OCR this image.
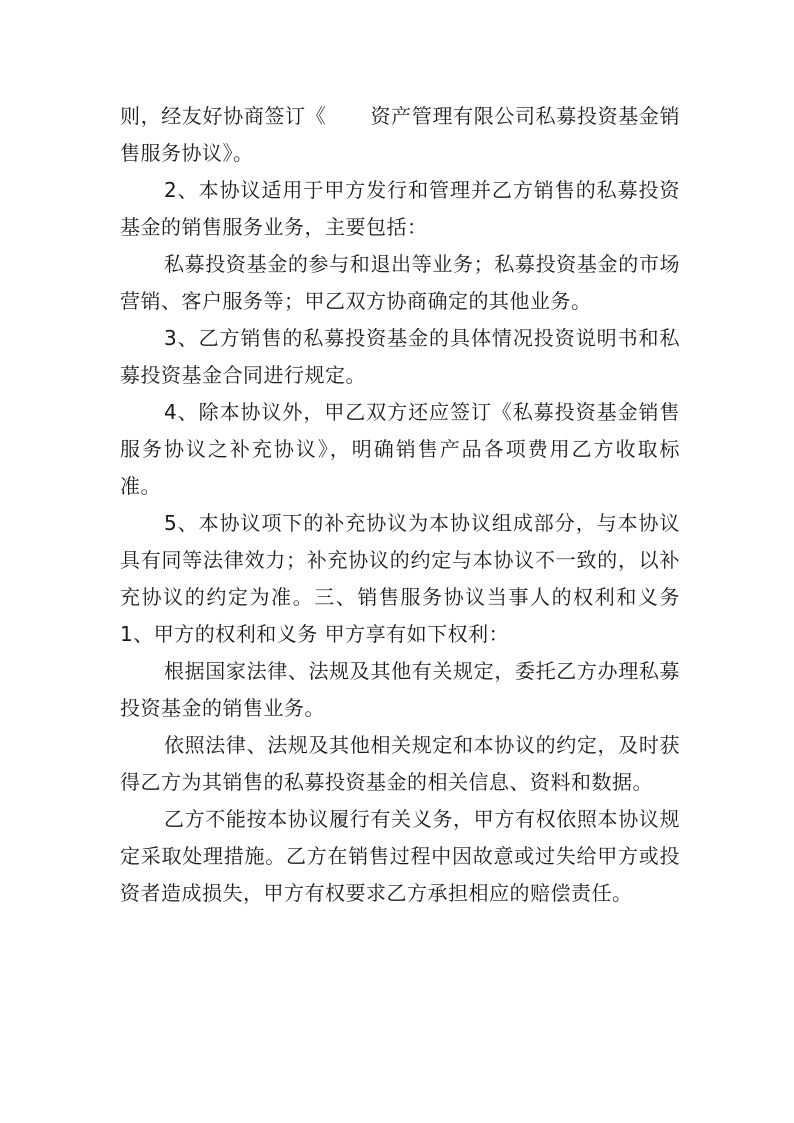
则，经友好协商签订《 资产管理有限公司私募投资基金销售服务协议》。

2、本协议适用于甲方发行和管理并乙方销售的私募投资基金的销售服务业务，主要包括：

私募投资基金的参与和退出等业务；私募投资基金的市场营销、客户服务等；甲乙双方协商确定的其他业务。

3、乙方销售的私募投资基金的具体情况投资说明书和私募投资基金合同进行规定。

4、除本协议外，甲乙双方还应签订《私募投资基金销售服务协议之补充协议》，明确销售产品各项费用乙方收取标准。

5、本协议项下的补充协议为本协议组成部分，与本协议具有同等法律效力；补充协议的约定与本协议不一致的，以补充协议的约定为准。三、销售服务协议当事人的权利和义务 1、甲方的权利和义务 甲方享有如下权利：

根据国家法律、法规及其他有关规定，委托乙方办理私募投资基金的销售业务。

依照法律、法规及其他相关规定和本协议的约定，及时获得乙方为其销售的私募投资基金的相关信息、资料和数据。

乙方不能按本协议履行有关义务，甲方有权依照本协议规定采取处理措施。乙方在销售过程中因故意或过失给甲方或投资者造成损失，甲方有权要求乙方承担相应的赔偿责任。
